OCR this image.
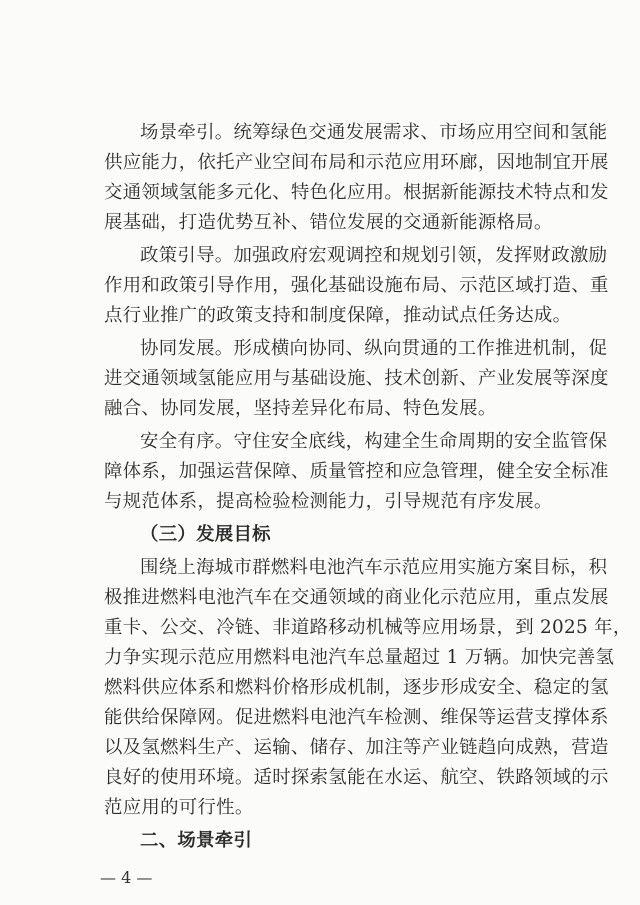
场景牵引。统筹绿色交通发展需求、市场应用空间和氢能
供应能力，依托产业空间布局和示范应用环廊，因地制宜开展
交通领域氢能多元化、特色化应用。根据新能源技术特点和发
展基础，打造优势互补、错位发展的交通新能源格局。
政策引导。加强政府宏观调控和规划引领，发挥财政激励
作用和政策引导作用，强化基础设施布局、示范区域打造、重
点行业推广的政策支持和制度保障，推动试点任务达成。
协同发展。形成横向协同、纵向贯通的工作推进机制，促
进交通领域氢能应用与基础设施、技术创新、产业发展等深度
融合、协同发展，坚持差异化布局、特色发展。
安全有序。守住安全底线，构建全生命周期的安全监管保
障体系，加强运营保障、质量管控和应急管理，健全安全标准
与规范体系，提高检验检测能力，引导规范有序发展。
（三）发展目标
围绕上海城市群燃料电池汽车示范应用实施方案目标，积
极推进燃料电池汽车在交通领域的商业化示范应用，重点发展
重卡、公交、冷链、非道路移动机械等应用场景，到 2025 年，
力争实现示范应用燃料电池汽车总量超过 1 万辆。加快完善氢
燃料供应体系和燃料价格形成机制，逐步形成安全、稳定的氢
能供给保障网。促进燃料电池汽车检测、维保等运营支撑体系
以及氢燃料生产、运输、储存、加注等产业链趋向成熟，营造
良好的使用环境。适时探索氢能在水运、航空、铁路领域的示
范应用的可行性。
二、场景牵引
— 4 —
